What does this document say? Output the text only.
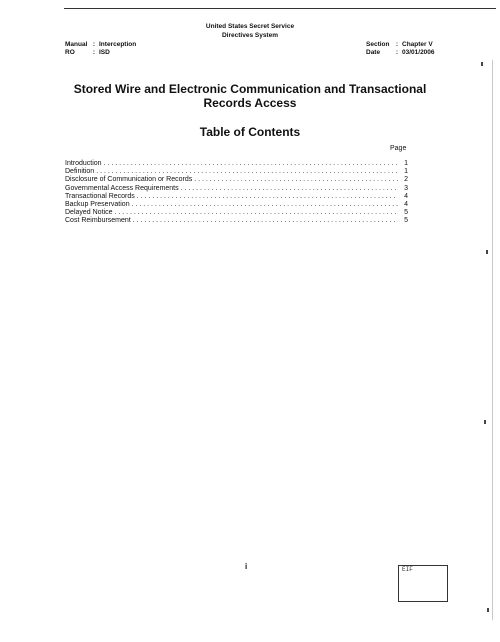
United States Secret Service
Directives System
Manual : Interception
RO	: ISD
Section : Chapter V
Date : 03/01/2006
Stored Wire and Electronic Communication and Transactional
Records Access
Table of Contents
Page
Introduction . . .	1
Definition . . .	1
Disclosure of Communication or Records . . .	2
Governmental Access Requirements . . .	3
Transactional Records . . .	4
Backup Preservation . . .	4
Delayed Notice . . .	5
Cost Reimbursement . . .	5
i	EIF
